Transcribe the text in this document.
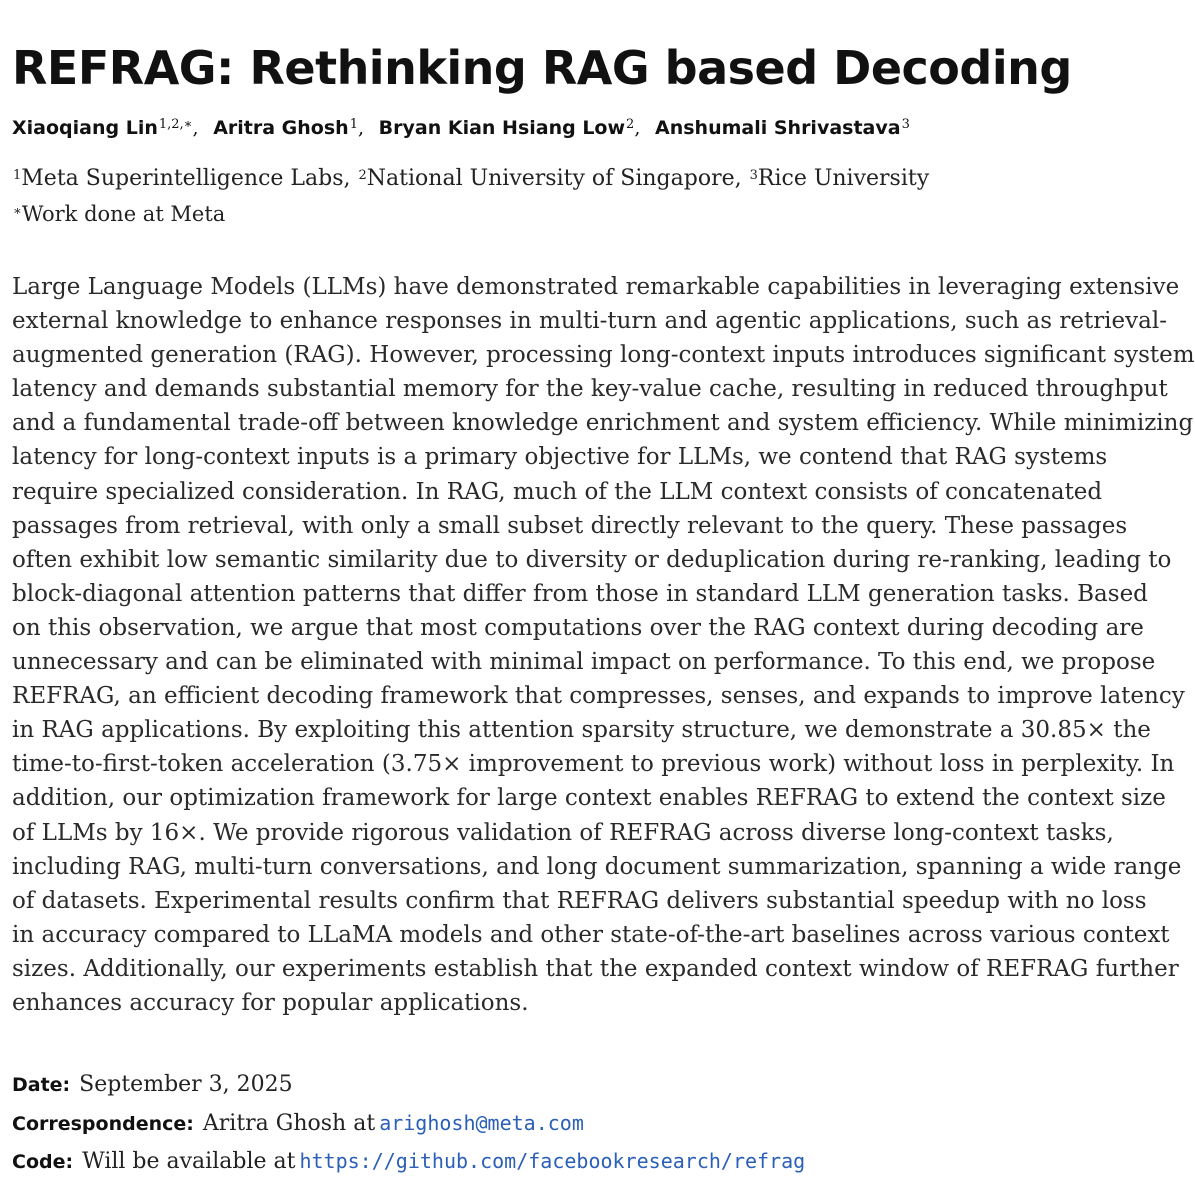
REFRAG: Rethinking RAG based Decoding
Xiaoqiang Lin$^{1,2,∗}$, Aritra Ghosh$^1$, Bryan Kian Hsiang Low$^2$, Anshumali Shrivastava$^3$
$^1$Meta Superintelligence Labs, $^2$National University of Singapore, $^3$Rice University
∗Work done at Meta
Large Language Models (LLMs) have demonstrated remarkable capabilities in leveraging extensive
external knowledge to enhance responses in multi-turn and agentic applications, such as retrieval-
augmented generation (RAG). However, processing long-context inputs introduces significant system
latency and demands substantial memory for the key-value cache, resulting in reduced throughput
and a fundamental trade-off between knowledge enrichment and system efficiency. While minimizing
latency for long-context inputs is a primary objective for LLMs, we contend that RAG systems
require specialized consideration. In RAG, much of the LLM context consists of concatenated
passages from retrieval, with only a small subset directly relevant to the query. These passages
often exhibit low semantic similarity due to diversity or deduplication during re-ranking, leading to
block-diagonal attention patterns that differ from those in standard LLM generation tasks. Based
on this observation, we argue that most computations over the RAG context during decoding are
unnecessary and can be eliminated with minimal impact on performance. To this end, we propose
REFRAG, an efficient decoding framework that compresses, senses, and expands to improve latency
in RAG applications. By exploiting this attention sparsity structure, we demonstrate a 30.85× the
time-to-first-token acceleration (3.75× improvement to previous work) without loss in perplexity. In
addition, our optimization framework for large context enables REFRAG to extend the context size
of LLMs by 16×. We provide rigorous validation of REFRAG across diverse long-context tasks,
including RAG, multi-turn conversations, and long document summarization, spanning a wide range
of datasets. Experimental results confirm that REFRAG delivers substantial speedup with no loss
in accuracy compared to LLaMA models and other state-of-the-art baselines across various context
sizes. Additionally, our experiments establish that the expanded context window of REFRAG further
enhances accuracy for popular applications.
Date: September 3, 2025
Correspondence: Aritra Ghosh at arighosh@meta.com
Code: Will be available at https://github.com/facebookresearch/refrag
